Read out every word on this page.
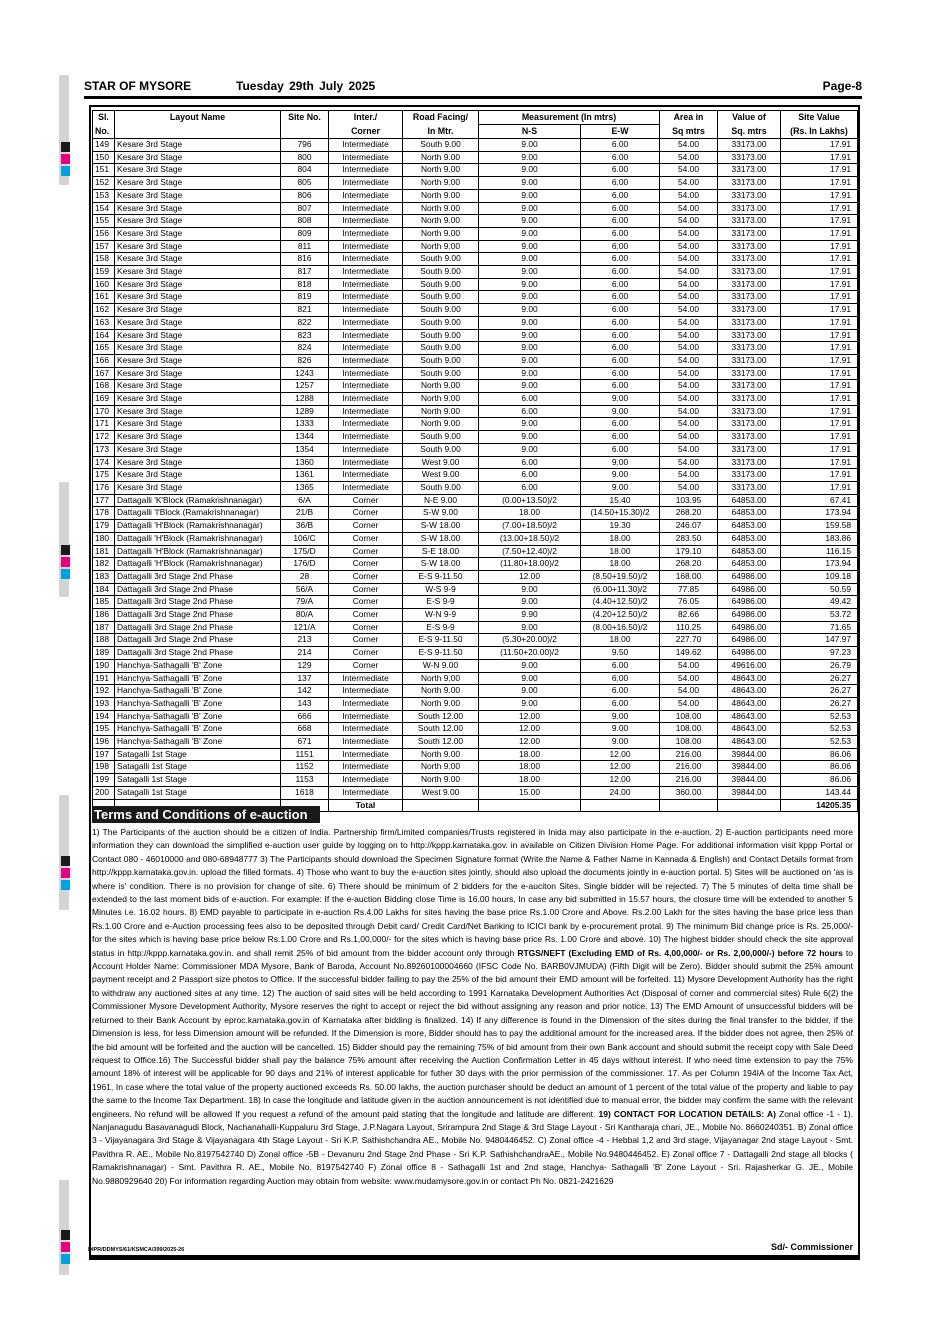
STAR OF MYSORE	Tuesday 29th July 2025	Page-8
Sl.	Layout Name	Site No.	Inter./	Road Facing/	Measurement (In mtrs)		Area in	Value of	Site Value
No.			Corner	In Mtr.	N-S	E-W	Sq mtrs	Sq. mtrs	(Rs. In Lakhs)
149	Kesare 3rd Stage	796	Intermediate	South 9.00	9.00	6.00	54.00	33173.00	17.91
150	Kesare 3rd Stage	800	Intermediate	North 9.00	9.00	6.00	54.00	33173.00	17.91
151	Kesare 3rd Stage	804	Intermediate	North 9.00	9.00	6.00	54.00	33173.00	17.91
152	Kesare 3rd Stage	805	Intermediate	North 9.00	9.00	6.00	54.00	33173.00	17.91
153	Kesare 3rd Stage	806	Intermediate	North 9.00	9.00	6.00	54.00	33173.00	17.91
154	Kesare 3rd Stage	807	Intermediate	North 9.00	9.00	6.00	54.00	33173.00	17.91
155	Kesare 3rd Stage	808	Intermediate	North 9.00	9.00	6.00	54.00	33173.00	17.91
156	Kesare 3rd Stage	809	Intermediate	North 9.00	9.00	6.00	54.00	33173.00	17.91
157	Kesare 3rd Stage	811	Intermediate	North 9.00	9.00	6.00	54.00	33173.00	17.91
158	Kesare 3rd Stage	816	Intermediate	South 9.00	9.00	6.00	54.00	33173.00	17.91
159	Kesare 3rd Stage	817	Intermediate	South 9.00	9.00	6.00	54.00	33173.00	17.91
160	Kesare 3rd Stage	818	Intermediate	South 9.00	9.00	6.00	54.00	33173.00	17.91
161	Kesare 3rd Stage	819	Intermediate	South 9.00	9.00	6.00	54.00	33173.00	17.91
162	Kesare 3rd Stage	821	Intermediate	South 9.00	9.00	6.00	54.00	33173.00	17.91
163	Kesare 3rd Stage	822	Intermediate	South 9.00	9.00	6.00	54.00	33173.00	17.91
164	Kesare 3rd Stage	823	Intermediate	South 9.00	9.00	6.00	54.00	33173.00	17.91
165	Kesare 3rd Stage	824	Intermediate	South 9.00	9.00	6.00	54.00	33173.00	17.91
166	Kesare 3rd Stage	826	Intermediate	South 9.00	9.00	6.00	54.00	33173.00	17.91
167	Kesare 3rd Stage	1243	Intermediate	South 9.00	9.00	6.00	54.00	33173.00	17.91
168	Kesare 3rd Stage	1257	Intermediate	North 9.00	9.00	6.00	54.00	33173.00	17.91
169	Kesare 3rd Stage	1288	Intermediate	North 9.00	6.00	9.00	54.00	33173.00	17.91
170	Kesare 3rd Stage	1289	Intermediate	North 9.00	6.00	9.00	54.00	33173.00	17.91
171	Kesare 3rd Stage	1333	Intermediate	North 9.00	9.00	6.00	54.00	33173.00	17.91
172	Kesare 3rd Stage	1344	Intermediate	South 9.00	9.00	6.00	54.00	33173.00	17.91
173	Kesare 3rd Stage	1354	Intermediate	South 9.00	9.00	6.00	54.00	33173.00	17.91
174	Kesare 3rd Stage	1360	Intermediate	West 9.00	6.00	9.00	54.00	33173.00	17.91
175	Kesare 3rd Stage	1361	Intermediate	West 9.00	6.00	9.00	54.00	33173.00	17.91
176	Kesare 3rd Stage	1365	Intermediate	South 9.00	6.00	9.00	54.00	33173.00	17.91
177	Dattagalli 'K'Block (Ramakrishnanagar)	6/A	Corner	N-E 9.00	(0.00+13.50)/2	15.40	103.95	64853.00	67.41
178	Dattagalli 'I'Block (Ramakrishnanagar)	21/B	Corner	S-W 9.00	18.00	(14.50+15.30)/2	268.20	64853.00	173.94
179	Dattagalli 'H'Block (Ramakrishnanagar)	36/B	Corner	S-W 18.00	(7.00+18.50)/2	19.30	246.07	64853.00	159.58
180	Dattagalli 'H'Block (Ramakrishnanagar)	106/C	Corner	S-W 18.00	(13.00+18.50)/2	18.00	283.50	64853.00	183.86
181	Dattagalli 'H'Block (Ramakrishnanagar)	175/D	Corner	S-E 18.00	(7.50+12.40)/2	18.00	179.10	64853.00	116.15
182	Dattagalli 'H'Block (Ramakrishnanagar)	176/D	Corner	S-W 18.00	(11.80+18.00)/2	18.00	268.20	64853.00	173.94
183	Dattagalli 3rd Stage 2nd Phase	28	Corner	E-S 9-11.50	12.00	(8.50+19.50)/2	168.00	64986.00	109.18
184	Dattagalli 3rd Stage 2nd Phase	56/A	Corner	W-S 9-9	9.00	(6.00+11.30)/2	77.85	64986.00	50.59
185	Dattagalli 3rd Stage 2nd Phase	79/A	Corner	E-S 9-9	9.00	(4.40+12.50)/2	76.05	64986.00	49.42
186	Dattagalli 3rd Stage 2nd Phase	80/A	Corner	W-N 9-9	9.90	(4.20+12.50)/2	82.66	64986.00	53.72
187	Dattagalli 3rd Stage 2nd Phase	121/A	Corner	E-S 9-9	9.00	(8.00+16.50)/2	110.25	64986.00	71.65
188	Dattagalli 3rd Stage 2nd Phase	213	Corner	E-S 9-11.50	(5.30+20.00)/2	18.00	227.70	64986.00	147.97
189	Dattagalli 3rd Stage 2nd Phase	214	Corner	E-S 9-11.50	(11.50+20.00)/2	9.50	149.62	64986.00	97.23
190	Hanchya-Sathagalli 'B' Zone	129	Corner	W-N 9.00	9.00	6.00	54.00	49616.00	26.79
191	Hanchya-Sathagalli 'B' Zone	137	Intermediate	North 9.00	9.00	6.00	54.00	48643.00	26.27
192	Hanchya-Sathagalli 'B' Zone	142	Intermediate	North 9.00	9.00	6.00	54.00	48643.00	26.27
193	Hanchya-Sathagalli 'B' Zone	143	Intermediate	North 9.00	9.00	6.00	54.00	48643.00	26.27
194	Hanchya-Sathagalli 'B' Zone	666	Intermediate	South 12.00	12.00	9.00	108.00	48643.00	52.53
195	Hanchya-Sathagalli 'B' Zone	668	Intermediate	South 12.00	12.00	9.00	108.00	48643.00	52.53
196	Hanchya-Sathagalli 'B' Zone	671	Intermediate	South 12.00	12.00	9.00	108.00	48643.00	52.53
197	Satagalli 1st Stage	1151	Intermediate	North 9.00	18.00	12.00	216.00	39844.00	86.06
198	Satagalli 1st Stage	1152	Intermediate	North 9.00	18.00	12.00	216.00	39844.00	86.06
199	Satagalli 1st Stage	1153	Intermediate	North 9.00	18.00	12.00	216.00	39844.00	86.06
200	Satagalli 1st Stage	1618	Intermediate	West 9.00	15.00	24.00	360.00	39844.00	143.44
			Total						14205.35
Terms and Conditions of e-auction
1) The Participants of the auction should be a citizen of India. Partnership firm/Limited companies/Trusts registered in Inida may also participate in the e-auction. 2) E-auction participants need more information they can download the simplified e-auction user guide by logging on to http://kppp.karnataka.gov. in available on Citizen Division Home Page. For additional information visit kppp Portal or Contact 080 - 46010000 and 080-68948777 3) The Participants should download the Specimen Signature format (Write the Name & Father Name in Kannada & English) and Contact Details format from http://kppp.karnataka.gov.in. upload the filled formats. 4) Those who want to buy the e-auction sites jointly, should also upload the documents jointly in e-auction portal. 5) Sites will be auctioned on 'as is where is' condition. There is no provision for change of site. 6) There should be minimum of 2 bidders for the e-auciton Sites. Single bidder will be rejected. 7) The 5 minutes of delta time shall be extended to the last moment bids of e-auction. For example: If the e-auction Bidding close Time is 16.00 hours, In case any bid submitted in 15.57 hours, the closure time will be extended to another 5 Minutes i.e. 16.02 hours. 8) EMD payable to participate in e-auction Rs.4.00 Lakhs for sites having the base price Rs.1.00 Crore and Above. Rs.2.00 Lakh for the sites having the base price less than Rs.1.00 Crore and e-Auction processing fees also to be deposited through Debit card/ Credit Card/Net Banking to ICICI bank by e-procurement protal. 9) The minimum Bid change price is Rs. 25,000/- for the sites which is having base price below Rs.1.00 Crore and Rs.1,00,000/- for the sites which is having base price Rs. 1.00 Crore and above. 10) The highest bidder should check the site approval status in http://kppp.karnataka.gov.in. and shall remit 25% of bid amount from the bidder account only through RTGS/NEFT (Excluding EMD of Rs. 4,00,000/- or Rs. 2,00,000/-) before 72 hours to Account Holder Name: Commissioner MDA Mysore, Bank of Baroda, Account No.89260100004660 (IFSC Code No. BARB0VJMUDA) (Fifth Digit will be Zero). Bidder should submit the 25% amount payment receipt and 2 Passport size photos to Office. If the successful bidder failing to pay the 25% of the bid amount their EMD amount will be forfeited. 11) Mysore Development Authority has the right to withdraw any auctioned sites at any time. 12) The auction of said sites will be held according to 1991 Karnataka Development Authorities Act (Disposal of corner and commercial sites) Rule 6(2) the Commissioner Mysore Development Authority, Mysore reserves the right to accept or reject the bid without assigning any reason and prior notice. 13) The EMD Amount of unsuccessful bidders will be returned to their Bank Account by eproc.karnataka.gov.in of Karnataka after bidding is finalized. 14) If any difference is found in the Dimension of the sites during the final transfer to the bidder, if the Dimension is less, for less Dimension amount will be refunded. If the Dimension is more, Bidder should has to pay the additional amount for the increased area. If the bidder does not agree, then 25% of the bid amount will be forfeited and the auction will be cancelled. 15) Bidder should pay the remaining 75% of bid amount from their own Bank account and should submit the receipt copy with Sale Deed request to Office.16) The Successful bidder shall pay the balance 75% amount after receiving the Auction Confirmation Letter in 45 days without interest. If who need time extension to pay the 75% amount 18% of interest will be applicable for 90 days and 21% of interest applicable for futher 30 days with the prior permission of the commissioner. 17. As per Column 194IA of the Income Tax Act, 1961, In case where the total value of the property auctioned exceeds Rs. 50.00 lakhs, the auction purchaser should be deduct an amount of 1 percent of the total value of the property and liable to pay the same to the Income Tax Department. 18) In case the longitude and latitude given in the auction announcement is not identified due to manual error, the bidder may confirm the same with the relevant engineers. No refund will be allowed If you request a refund of the amount paid stating that the longitude and latitude are different. 19) CONTACT FOR LOCATION DETAILS: A) Zonal office -1 - 1). Nanjanagudu Basavanagudi Block, Nachanahalli-Kuppaluru 3rd Stage, J.P.Nagara Layout, Srirampura 2nd Stage & 3rd Stage Layout - Sri Kantharaja chari, JE., Mobile No. 8660240351. B) Zonal office 3 - Vijayanagara 3rd Stage & Vijayanagara 4th Stage Layout - Sri K.P. Sathishchandra AE., Mobile No. 9480446452. C) Zonal office -4 - Hebbal 1,2 and 3rd stage, Vijayanagar 2nd stage Layout - Smt. Pavithra R. AE., Mobile No.8197542740 D) Zonal office -5B - Devanuru 2nd Stage 2nd Phase - Sri K.P. SathishchandraAE., Mobile No.9480446452. E) Zonal office 7 - Dattagalli 2nd stage all blocks ( Ramakrishnanagar) - Smt. Pavithra R. AE., Mobile No. 8197542740 F) Zonal office 8 - Sathagalli 1st and 2nd stage, Hanchya- Sathagalli 'B' Zone Layout - Sri. Rajasherkar G. JE., Mobile No.9880929640 20) For information regarding Auction may obtain from website: www.mudamysore.gov.in or contact Ph No. 0821-2421629
DIPR/DDMYS/61/KSMCA/399/2025-26	Sd/- Commissioner
